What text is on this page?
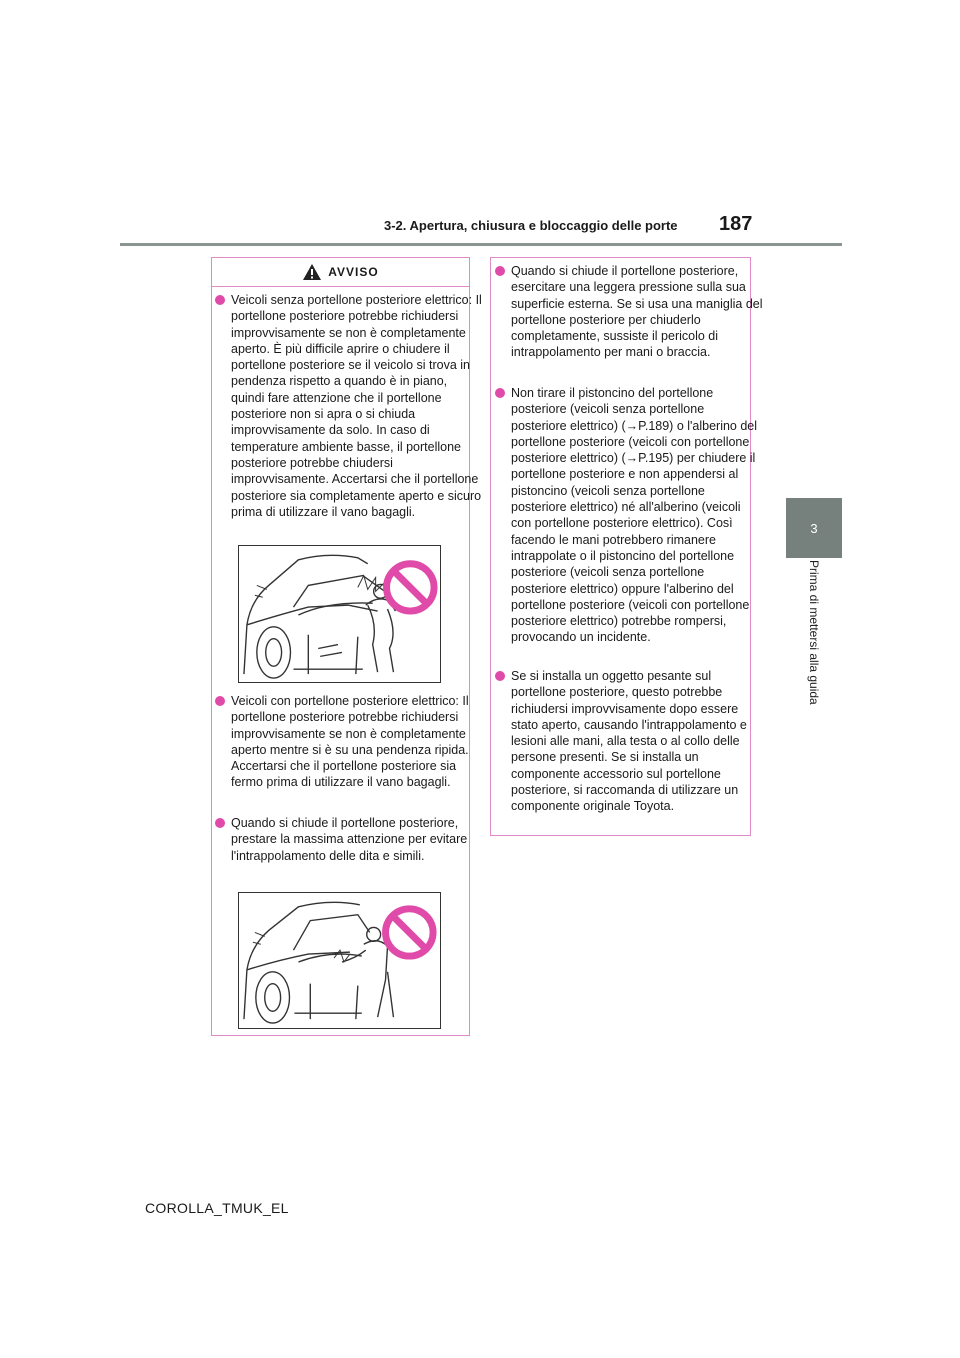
3-2. Apertura, chiusura e bloccaggio delle porte 187
3
Prima di mettersi alla guida
AVVISO

Veicoli senza portellone posteriore elettrico: Il portellone posteriore potrebbe richiudersi improvvisamente se non è completamente aperto. È più difficile aprire o chiudere il portellone posteriore se il veicolo si trova in pendenza rispetto a quando è in piano, quindi fare attenzione che il portellone posteriore non si apra o si chiuda improvvisamente da solo. In caso di temperature ambiente basse, il portellone posteriore potrebbe chiudersi improvvisamente. Accertarsi che il portellone posteriore sia completamente aperto e sicuro prima di utilizzare il vano bagagli.

Veicoli con portellone posteriore elettrico: Il portellone posteriore potrebbe richiudersi improvvisamente se non è completamente aperto mentre si è su una pendenza ripida. Accertarsi che il portellone posteriore sia fermo prima di utilizzare il vano bagagli.

Quando si chiude il portellone posteriore, prestare la massima attenzione per evitare l'intrappolamento delle dita e simili.

Quando si chiude il portellone posteriore, esercitare una leggera pressione sulla sua superficie esterna. Se si usa una maniglia del portellone posteriore per chiuderlo completamente, sussiste il pericolo di intrappolamento per mani o braccia.

Non tirare il pistoncino del portellone posteriore (veicoli senza portellone posteriore elettrico) (→P.189) o l'alberino del portellone posteriore (veicoli con portellone posteriore elettrico) (→P.195) per chiudere il portellone posteriore e non appendersi al pistoncino (veicoli senza portellone posteriore elettrico) né all'alberino (veicoli con portellone posteriore elettrico). Così facendo le mani potrebbero rimanere intrappolate o il pistoncino del portellone posteriore (veicoli senza portellone posteriore elettrico) oppure l'alberino del portellone posteriore (veicoli con portellone posteriore elettrico) potrebbe rompersi, provocando un incidente.

Se si installa un oggetto pesante sul portellone posteriore, questo potrebbe richiudersi improvvisamente dopo essere stato aperto, causando l'intrappolamento e lesioni alle mani, alla testa o al collo delle persone presenti. Se si installa un componente accessorio sul portellone posteriore, si raccomanda di utilizzare un componente originale Toyota.

COROLLA_TMUK_EL
